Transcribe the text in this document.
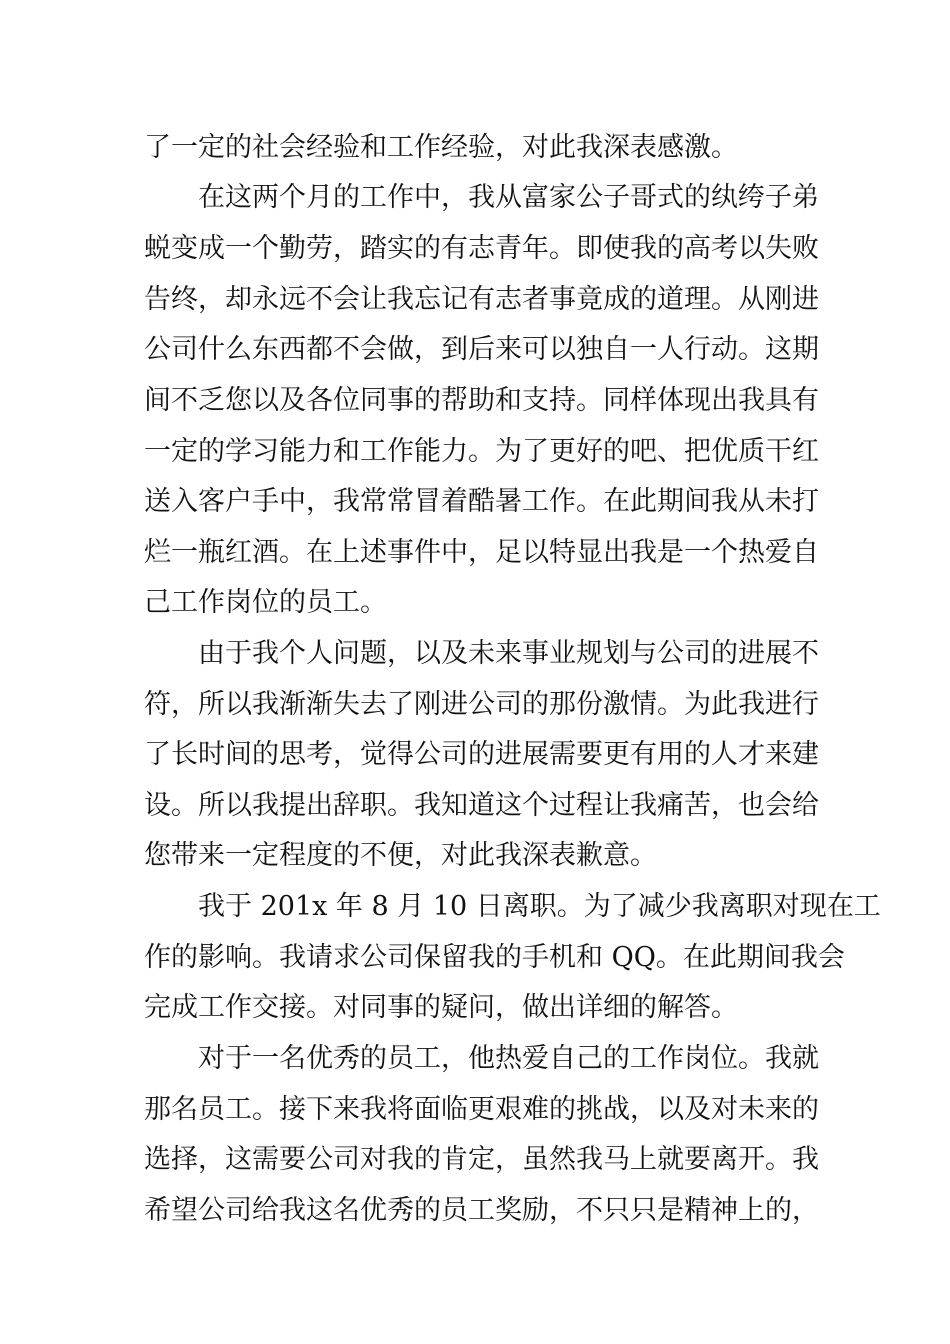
了一定的社会经验和工作经验，对此我深表感激。
在这两个月的工作中，我从富家公子哥式的纨绔子弟
蜕变成一个勤劳，踏实的有志青年。即使我的高考以失败
告终，却永远不会让我忘记有志者事竟成的道理。从刚进
公司什么东西都不会做，到后来可以独自一人行动。这期
间不乏您以及各位同事的帮助和支持。同样体现出我具有
一定的学习能力和工作能力。为了更好的吧、把优质干红
送入客户手中，我常常冒着酷暑工作。在此期间我从未打
烂一瓶红酒。在上述事件中，足以特显出我是一个热爱自
己工作岗位的员工。
由于我个人问题，以及未来事业规划与公司的进展不
符，所以我渐渐失去了刚进公司的那份激情。为此我进行
了长时间的思考，觉得公司的进展需要更有用的人才来建
设。所以我提出辞职。我知道这个过程让我痛苦，也会给
您带来一定程度的不便，对此我深表歉意。
我于 201x 年 8 月 10 日离职。为了减少我离职对现在工
作的影响。我请求公司保留我的手机和 QQ。在此期间我会
完成工作交接。对同事的疑问，做出详细的解答。
对于一名优秀的员工，他热爱自己的工作岗位。我就
那名员工。接下来我将面临更艰难的挑战，以及对未来的
选择，这需要公司对我的肯定，虽然我马上就要离开。我
希望公司给我这名优秀的员工奖励，不只只是精神上的，
